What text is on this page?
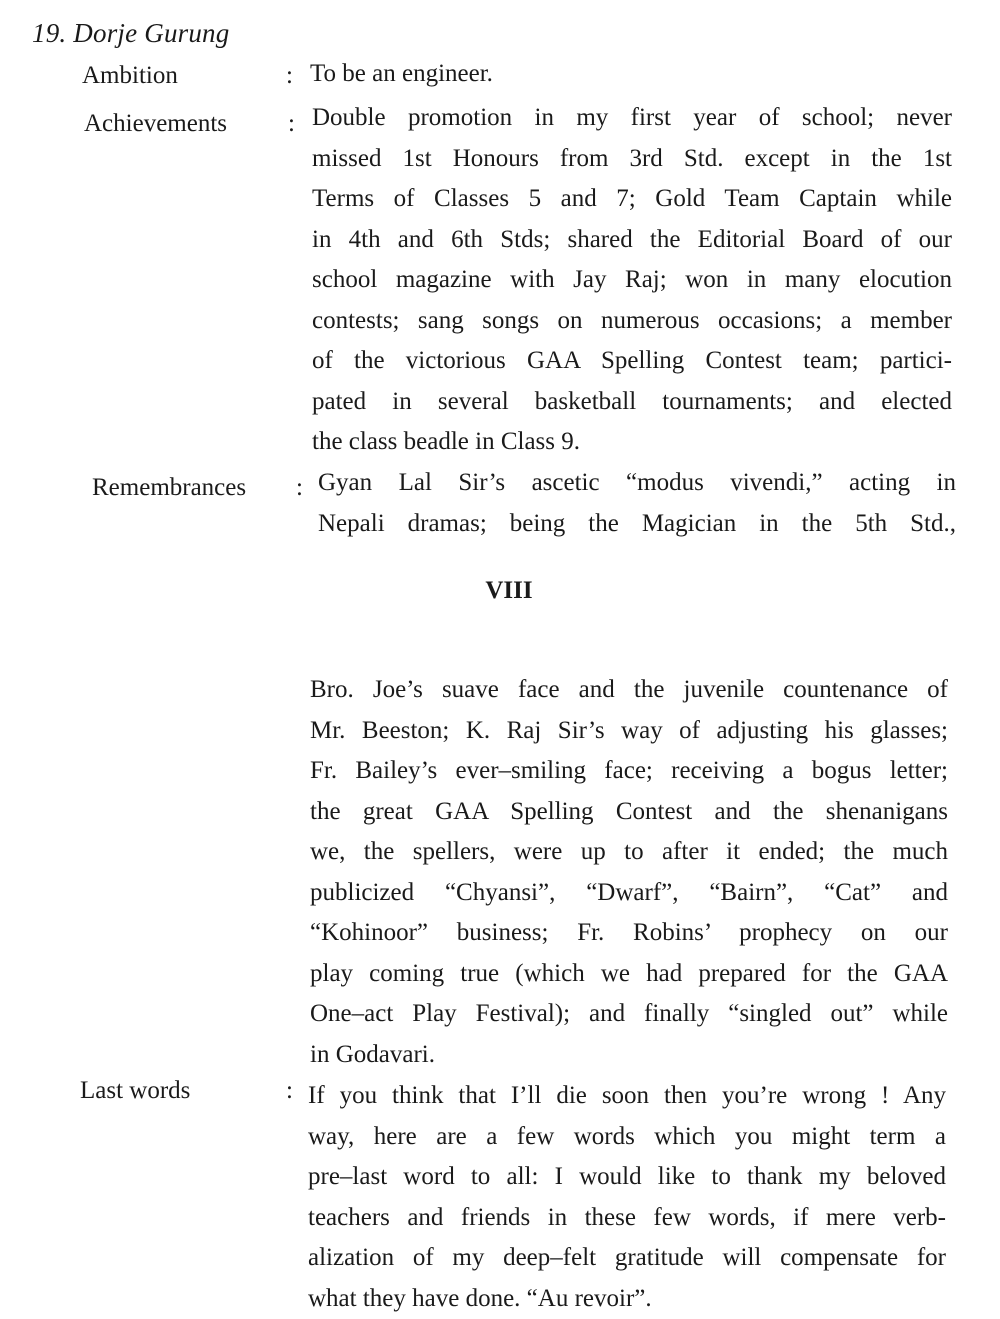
19. Dorje Gurung
Ambition	: To be an engineer.
Achievements : Double promotion in my first year of school; never
missed 1st Honours from 3rd Std. except in the 1st
Terms of Classes 5 and 7; Gold Team Captain while
in 4th and 6th Stds; shared the Editorial Board of our
school magazine with Jay Raj; won in many elocution
contests; sang songs on numerous occasions; a member
of the victorious GAA Spelling Contest team; partici-
pated in several basketball tournaments; and elected
the class beadle in Class 9.
Remembrances : Gyan Lal Sir’s ascetic “modus vivendi,” acting in
Nepali dramas; being the Magician in the 5th Std.,
VIII
Bro. Joe’s suave face and the juvenile countenance of
Mr. Beeston; K. Raj Sir’s way of adjusting his glasses;
Fr. Bailey’s ever–smiling face; receiving a bogus letter;
the great GAA Spelling Contest and the shenanigans
we, the spellers, were up to after it ended; the much
publicized “Chyansi”, “Dwarf”, “Bairn”, “Cat” and
“Kohinoor” business; Fr. Robins’ prophecy on our
play coming true (which we had prepared for the GAA
One–act Play Festival); and finally “singled out” while
in Godavari.
Last words	: If you think that I’ll die soon then you’re wrong ! Any
way, here are a few words which you might term a
pre–last word to all: I would like to thank my beloved
teachers and friends in these few words, if mere verb-
alization of my deep–felt gratitude will compensate for
what they have done. “Au revoir”.
